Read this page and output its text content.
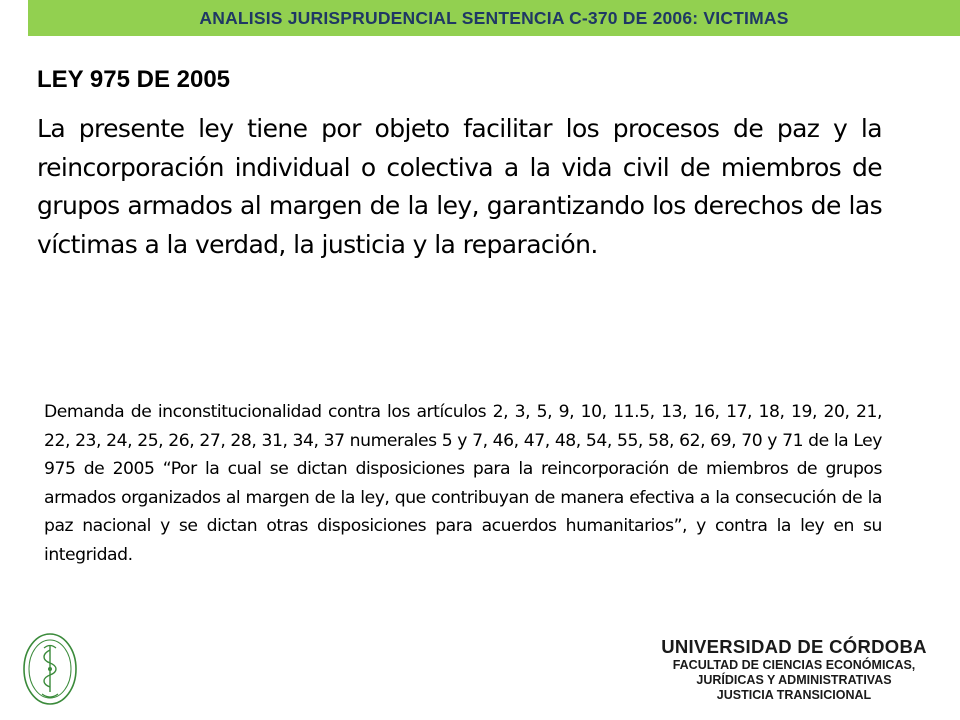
ANALISIS JURISPRUDENCIAL SENTENCIA C-370 DE 2006: VICTIMAS
LEY 975 DE 2005
La presente ley tiene por objeto facilitar los procesos de paz y la reincorporación individual o colectiva a la vida civil de miembros de grupos armados al margen de la ley, garantizando los derechos de las víctimas a la verdad, la justicia y la reparación.
Demanda de inconstitucionalidad contra los artículos 2, 3, 5, 9, 10, 11.5, 13, 16, 17, 18, 19, 20, 21, 22, 23, 24, 25, 26, 27, 28, 31, 34, 37 numerales 5 y 7, 46, 47, 48, 54, 55, 58, 62, 69, 70 y 71 de la Ley 975 de 2005 “Por la cual se dictan disposiciones para la reincorporación de miembros de grupos armados organizados al margen de la ley, que contribuyan de manera efectiva a la consecución de la paz nacional y se dictan otras disposiciones para acuerdos humanitarios”, y contra la ley en su integridad.
UNIVERSIDAD DE CÓRDOBA
FACULTAD DE CIENCIAS ECONÓMICAS,
JURÍDICAS Y ADMINISTRATIVAS
JUSTICIA TRANSICIONAL
